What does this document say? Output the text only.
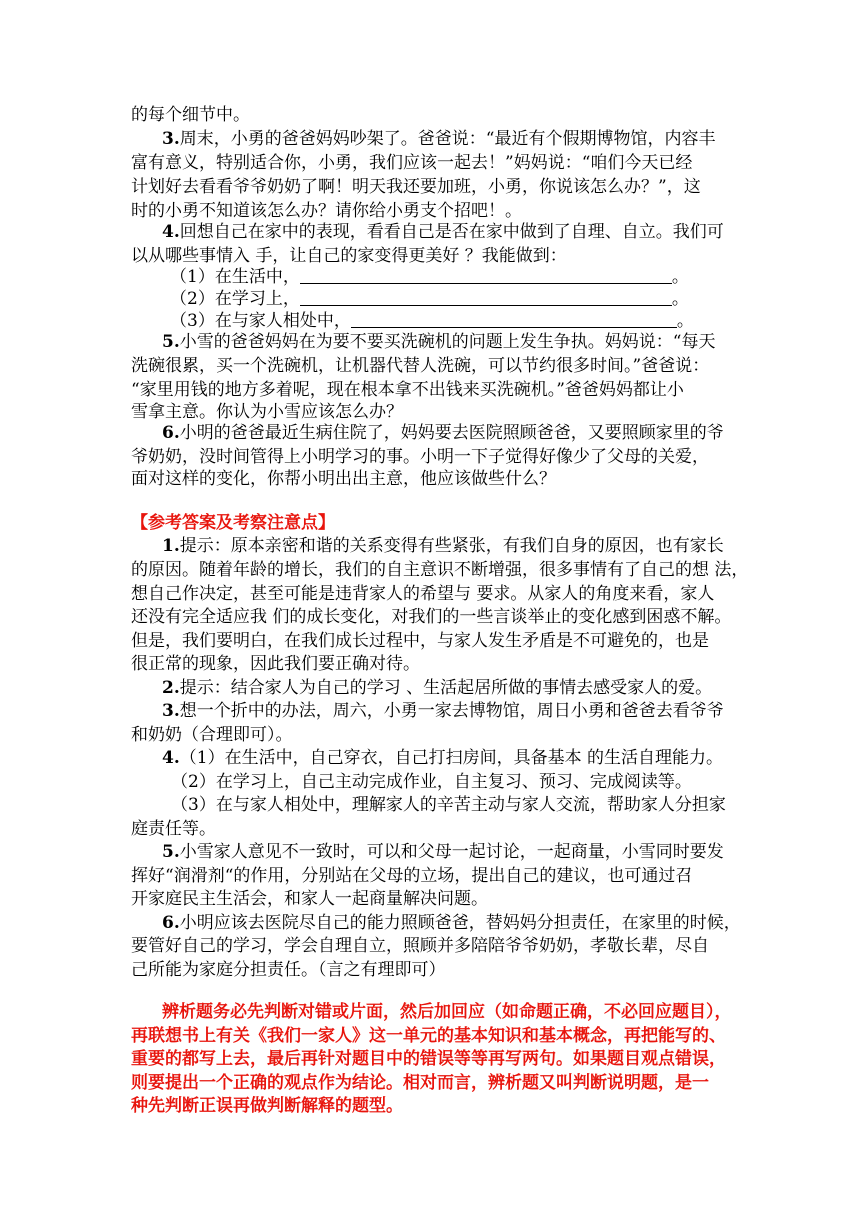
的每个细节中。
3.周末，小勇的爸爸妈妈吵架了。爸爸说：“最近有个假期博物馆，内容丰
富有意义，特别适合你，小勇，我们应该一起去！”妈妈说：“咱们今天已经
计划好去看看爷爷奶奶了啊！明天我还要加班，小勇，你说该怎么办？”，这
时的小勇不知道该怎么办？请你给小勇支个招吧！。
4.回想自己在家中的表现，看看自己是否在家中做到了自理、自立。我们可
以从哪些事情入 手，让自己的家变得更美好 ？我能做到：
（1）在生活中，	。
（2）在学习上，	。
（3）在与家人相处中，	。
5.小雪的爸爸妈妈在为要不要买洗碗机的问题上发生争执。妈妈说：“每天
洗碗很累，买一个洗碗机，让机器代替人洗碗，可以节约很多时间。”爸爸说：
“家里用钱的地方多着呢，现在根本拿不出钱来买洗碗机。”爸爸妈妈都让小
雪拿主意。你认为小雪应该怎么办？
6.小明的爸爸最近生病住院了，妈妈要去医院照顾爸爸，又要照顾家里的爷
爷奶奶，没时间管得上小明学习的事。小明一下子觉得好像少了父母的关爱，
面对这样的变化，你帮小明出出主意，他应该做些什么？
【参考答案及考察注意点】
1.提示：原本亲密和谐的关系变得有些紧张，有我们自身的原因，也有家长
的原因。随着年龄的增长，我们的自主意识不断增强，很多事情有了自己的想 法，
想自己作决定，甚至可能是违背家人的希望与 要求。从家人的角度来看，家人
还没有完全适应我 们的成长变化，对我们的一些言谈举止的变化感到困惑不解。
但是，我们要明白，在我们成长过程中，与家人发生矛盾是不可避免的，也是
很正常的现象，因此我们要正确对待。
2.提示：结合家人为自己的学习 、生活起居所做的事情去感受家人的爱。
3.想一个折中的办法，周六，小勇一家去博物馆，周日小勇和爸爸去看爷爷
和奶奶（合理即可）。
4.（1）在生活中，自己穿衣，自己打扫房间，具备基本 的生活自理能力。
（2）在学习上，自己主动完成作业，自主复习、预习、完成阅读等。
（3）在与家人相处中，理解家人的辛苦主动与家人交流，帮助家人分担家
庭责任等。
5.小雪家人意见不一致时，可以和父母一起讨论，一起商量，小雪同时要发
挥好“润滑剂“的作用，分别站在父母的立场，提出自己的建议，也可通过召
开家庭民主生活会，和家人一起商量解决问题。
6.小明应该去医院尽自己的能力照顾爸爸，替妈妈分担责任，在家里的时候，
要管好自己的学习，学会自理自立，照顾并多陪陪爷爷奶奶，孝敬长辈，尽自
己所能为家庭分担责任。（言之有理即可）
辨析题务必先判断对错或片面，然后加回应（如命题正确，不必回应题目），
再联想书上有关《我们一家人》这一单元的基本知识和基本概念，再把能写的、
重要的都写上去，最后再针对题目中的错误等等再写两句。如果题目观点错误，
则要提出一个正确的观点作为结论。相对而言，辨析题又叫判断说明题，是一
种先判断正误再做判断解释的题型。
